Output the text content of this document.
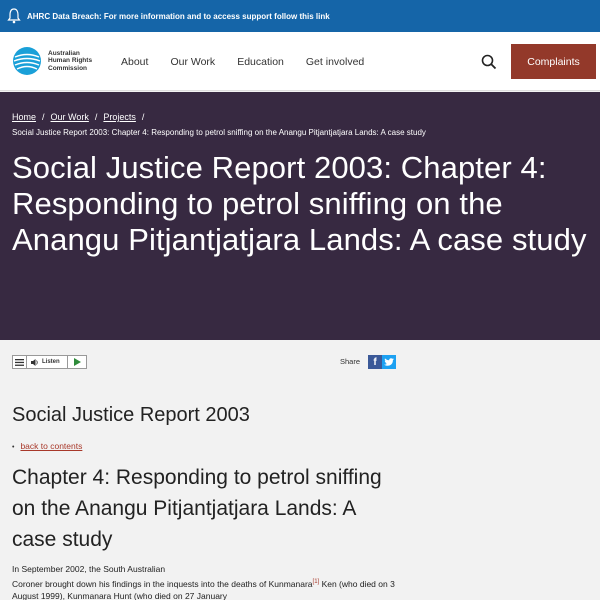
AHRC Data Breach: For more information and to access support follow this link
Australian
Human Rights
Commission
About Our Work Education Get involved	Complaints
Home / Our Work / Projects /
Social Justice Report 2003: Chapter 4: Responding to petrol sniffing on the Anangu Pitjantjatjara Lands: A case study
Social Justice Report 2003: Chapter 4: Responding to petrol sniffing on the Anangu Pitjantjatjara Lands: A case study
Listen	Share	f
Social Justice Report 2003
• back to contents
Chapter 4: Responding to petrol sniffing on the Anangu Pitjantjatjara Lands: A case study

In September 2002, the South Australian
Coroner brought down his findings in the inquests into the deaths of Kunmanara[1] Ken (who died on 3 August 1999), Kunmanara Hunt (who died on 27 January
